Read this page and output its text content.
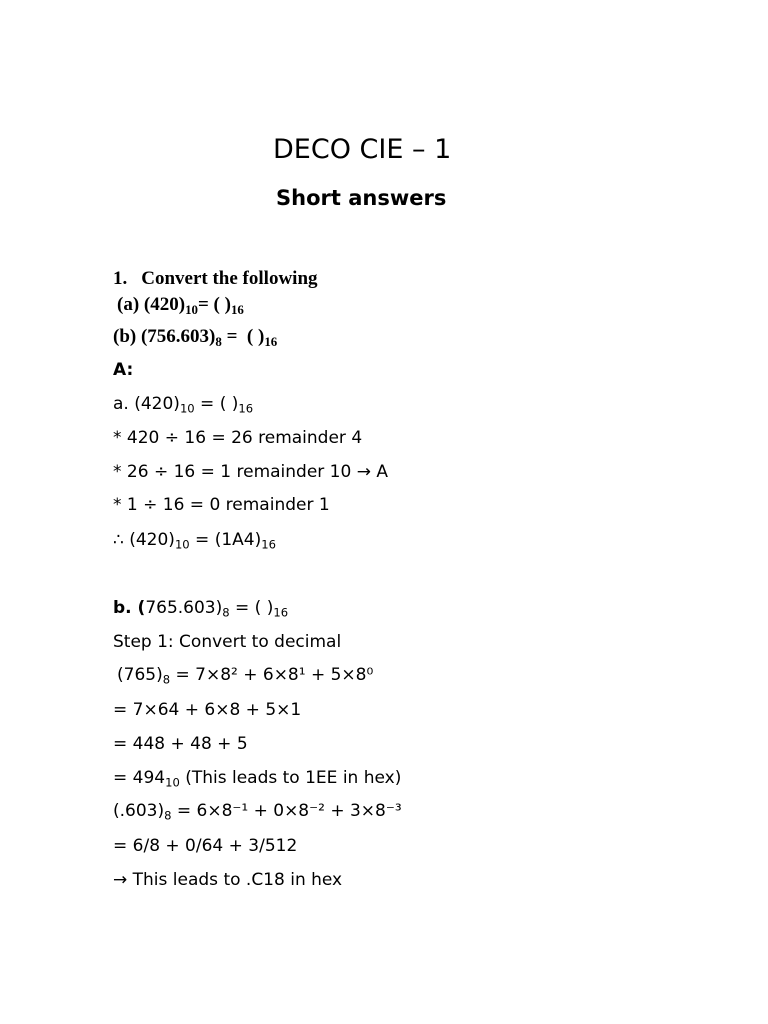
DECO CIE – 1
Short answers
1. Convert the following
(a) $(420)_{10}=$ ( )$_{16}$
(b) $(756.603)_8$ =  ( )$_{16}$
A:
a. $(420)_{10}$ = ( )$_{16}$
* 420 ÷ 16 = 26 remainder 4
* 26 ÷ 16 = 1 remainder 10 → A
* 1 ÷ 16 = 0 remainder 1
∴ $(420)_{10} = (1A4)_{16}$
b. $(765.603)_8$ = ( )$_{16}$
Step 1: Convert to decimal
$(765)_8 = 7\times 8^2 + 6\times 8^1 + 5\times 8^0$
= 7×64 + 6×8 + 5×1
= 448 + 48 + 5
= $494_{10}$ (This leads to 1EE in hex)
$(.603)_8 = 6\times 8^{-1} + 0\times 8^{-2} + 3\times 8^{-3}$
= 6/8 + 0/64 + 3/512
→ This leads to .C18 in hex
